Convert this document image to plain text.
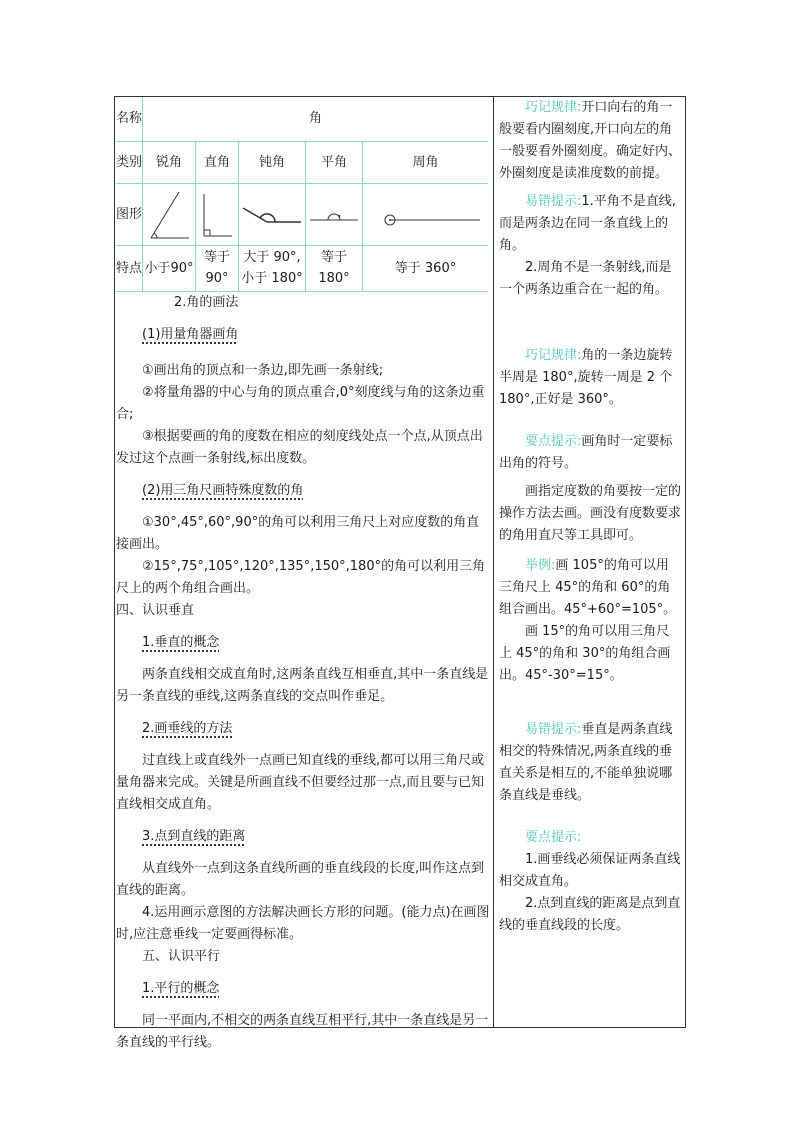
名称	角				
类别	锐角	直角	钝角	平角	周角
图形	

特点	小于90°	等于90°	大于 90°,小于 180°	等于180°	等于 360°

2.角的画法

(1)用量角器画角

①画出角的顶点和一条边,即先画一条射线;

②将量角器的中心与角的顶点重合,0°刻度线与角的这条边重合;

③根据要画的角的度数在相应的刻度线处点一个点,从顶点出发过这个点画一条射线,标出度数。

(2)用三角尺画特殊度数的角

①30°,45°,60°,90°的角可以利用三角尺上对应度数的角直接画出。

②15°,75°,105°,120°,135°,150°,180°的角可以利用三角尺上的两个角组合画出。

四、认识垂直

1.垂直的概念

两条直线相交成直角时,这两条直线互相垂直,其中一条直线是另一条直线的垂线,这两条直线的交点叫作垂足。

2.画垂线的方法

过直线上或直线外一点画已知直线的垂线,都可以用三角尺或量角器来完成。关键是所画直线不但要经过那一点,而且要与已知直线相交成直角。

3.点到直线的距离

从直线外一点到这条直线所画的垂直线段的长度,叫作这点到直线的距离。

4.运用画示意图的方法解决画长方形的问题。(能力点)在画图时,应注意垂线一定要画得标准。

五、认识平行

1.平行的概念

同一平面内,不相交的两条直线互相平行,其中一条直线是另一条直线的平行线。

巧记规律:开口向右的角一般要看内圈刻度,开口向左的角一般要看外圈刻度。确定好内、外圈刻度是读准度数的前提。

易错提示:1.平角不是直线,而是两条边在同一条直线上的角。

2.周角不是一条射线,而是一个两条边重合在一起的角。

巧记规律:角的一条边旋转半周是 180°,旋转一周是 2 个 180°,正好是 360°。

要点提示:画角时一定要标出角的符号。

画指定度数的角要按一定的操作方法去画。画没有度数要求的角用直尺等工具即可。

举例:画 105°的角可以用三角尺上 45°的角和 60°的角组合画出。45°+60°=105°。

画 15°的角可以用三角尺上 45°的角和 30°的角组合画出。45°-30°=15°。

易错提示:垂直是两条直线相交的特殊情况,两条直线的垂直关系是相互的,不能单独说哪条直线是垂线。

要点提示:

1.画垂线必须保证两条直线相交成直角。

2.点到直线的距离是点到直线的垂直线段的长度。
